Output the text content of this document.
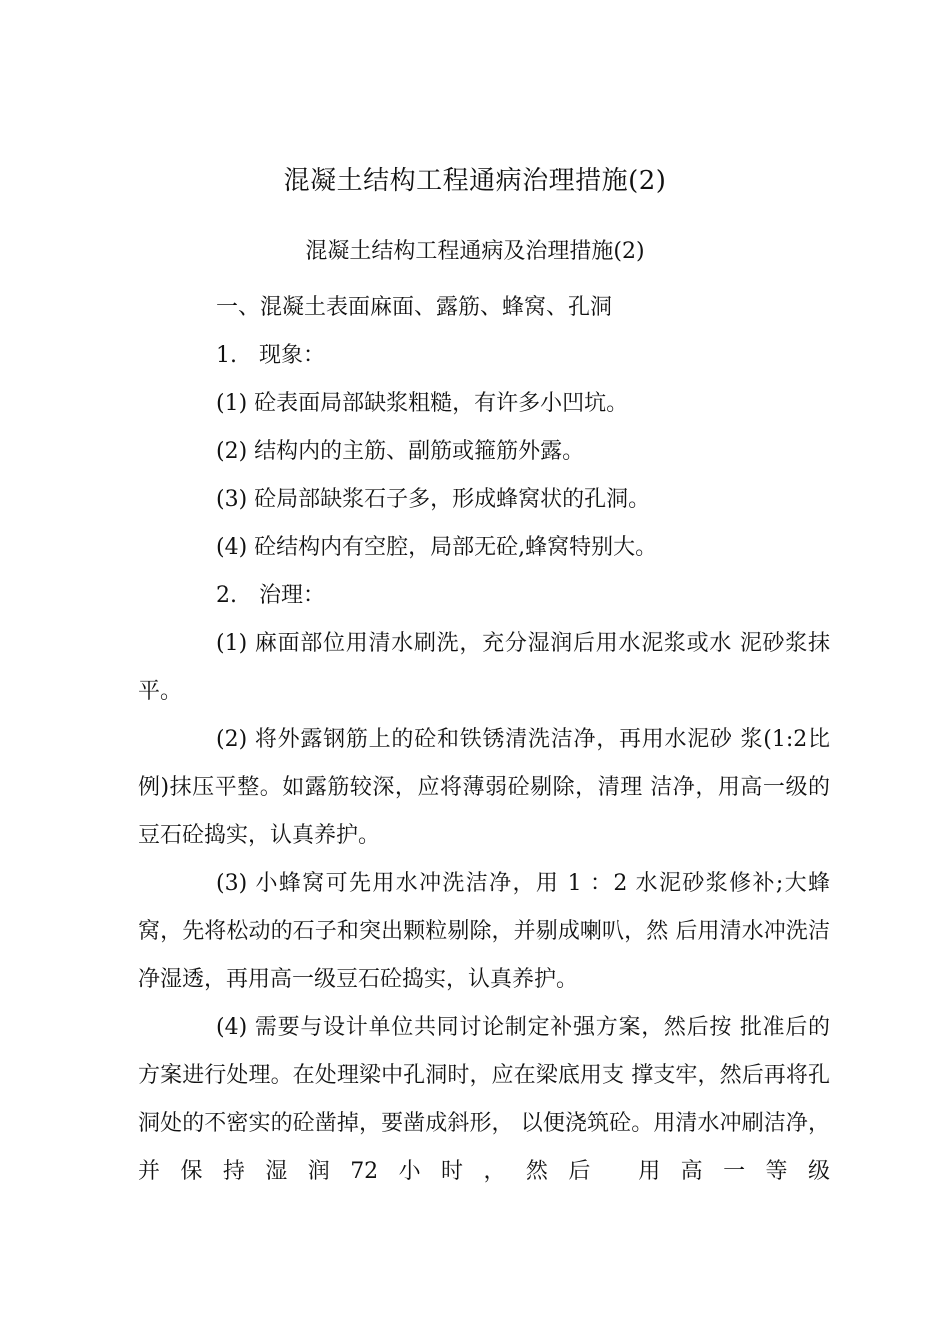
混凝土结构工程通病治理措施(2)
混凝土结构工程通病及治理措施(2)

一、混凝土表面麻面、露筋、蜂窝、孔洞

1.　现象：

(1) 砼表面局部缺浆粗糙，有许多小凹坑。

(2) 结构内的主筋、副筋或箍筋外露。

(3) 砼局部缺浆石子多，形成蜂窝状的孔洞。

(4) 砼结构内有空腔，局部无砼,蜂窝特别大。

2.　治理：

(1) 麻面部位用清水刷洗，充分湿润后用水泥浆或水 泥砂浆抹平。

(2) 将外露钢筋上的砼和铁锈清洗洁净，再用水泥砂 浆(1:2比例)抹压平整。如露筋较深，应将薄弱砼剔除，清理 洁净，用高一级的豆石砼捣实，认真养护。

(3) 小蜂窝可先用水冲洗洁净，用 1 ：2 水泥砂浆修补;大蜂窝，先将松动的石子和突出颗粒剔除，并剔成喇叭，然 后用清水冲洗洁净湿透，再用高一级豆石砼捣实，认真养护。

(4) 需要与设计单位共同讨论制定补强方案，然后按 批准后的方案进行处理。在处理梁中孔洞时，应在梁底用支 撑支牢，然后再将孔洞处的不密实的砼凿掉，要凿成斜形， 以便浇筑砼。用清水冲刷洁净，并保持湿润72小时，然后 用高一等级
